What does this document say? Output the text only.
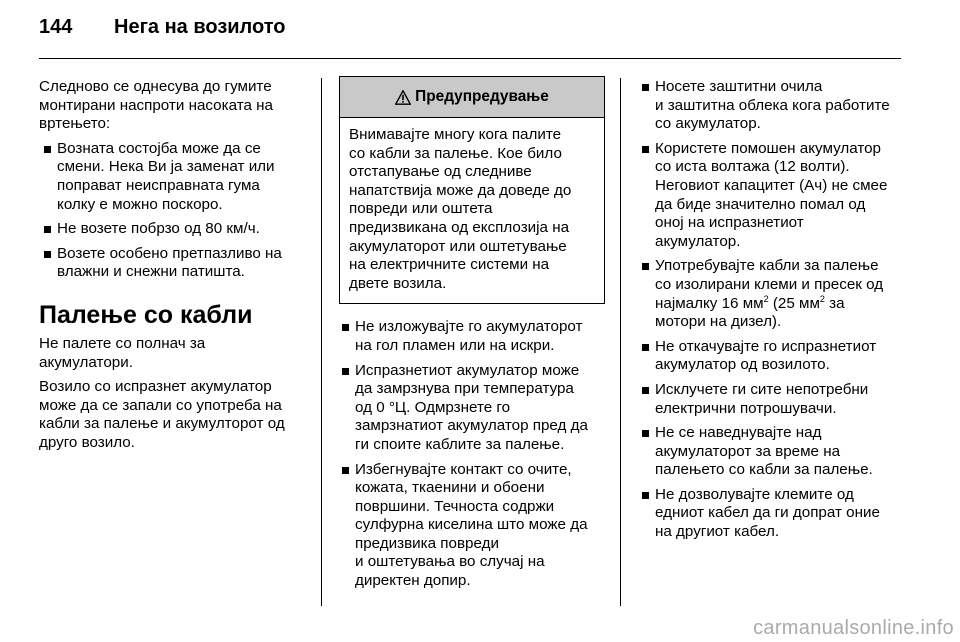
144	Нега на возилото

Следново се однесува до гумите
монтирани наспроти насоката на
вртењето:

Возната состојба може да се
смени. Нека Ви ја заменат или
поправат неисправната гума
колку е можно поскоро.
Не возете побрзо од 80 км/ч.
Возете особено претпазливо на
влажни и снежни патишта.
Палење со кабли

Не палете со полнач за
акумулатори.

Возило со испразнет акумулатор
може да се запали со употреба на
кабли за палење и акумулторот од
друго возило.

Предупредување
Внимавајте многу кога палите
со кабли за палење. Кое било
отстапување од следниве
напатствија може да доведе до
повреди или оштета
предизвикана од експлозија на
акумулаторот или оштетување
на електричните системи на
двете возила.
Не изложувајте го акумулаторот
на гол пламен или на искри.
Испразнетиот акумулатор може
да замрзнува при температура
од 0 °Ц. Одмрзнете го
замрзнатиот акумулатор пред да
ги споите каблите за палење.
Избегнувајте контакт со очите,
кожата, ткаенини и обоени
површини. Течноста содржи
сулфурна киселина што може да
предизвика повреди
и оштетувања во случај на
директен допир.
Носете заштитни очила
и заштитна облека кога работите
со акумулатор.
Користете помошен акумулатор
со иста волтажа (12 волти).
Неговиот капацитет (Ач) не смее
да биде значително помал од
оној на испразнетиот
акумулатор.
Употребувајте кабли за палење
со изолирани клеми и пресек од
најмалку 16 $мм^2$ (25 $мм^2$ за
мотори на дизел).
Не откачувајте го испразнетиот
акумулатор од возилото.
Исклучете ги сите непотребни
електрични потрошувачи.
Не се наведнувајте над
акумулаторот за време на
палењето со кабли за палење.
Не дозволувајте клемите од
едниот кабел да ги допрат оние
на другиот кабел.
carmanualsonline.info
